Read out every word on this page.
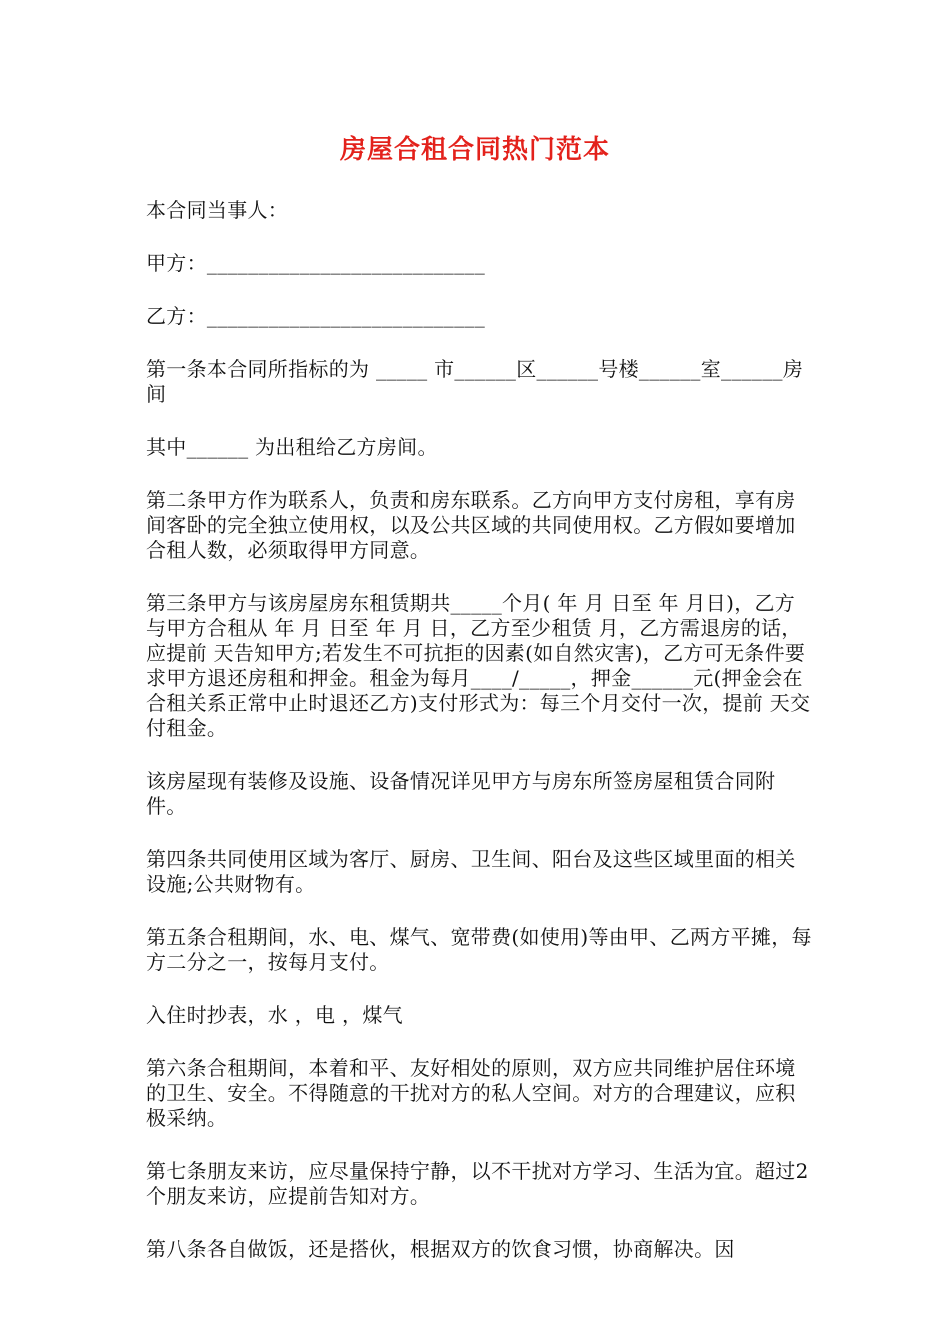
房屋合租合同热门范本

本合同当事人：

甲方：___________________________

乙方：___________________________

第一条本合同所指标的为 _____ 市______区______号楼______室______房间

其中______ 为出租给乙方房间。

第二条甲方作为联系人，负责和房东联系。乙方向甲方支付房租，享有房间客卧的完全独立使用权，以及公共区域的共同使用权。乙方假如要增加合租人数，必须取得甲方同意。

第三条甲方与该房屋房东租赁期共_____个月( 年 月 日至 年 月日)，乙方与甲方合租从 年 月 日至 年 月 日，乙方至少租赁 月，乙方需退房的话，应提前 天告知甲方;若发生不可抗拒的因素(如自然灾害)，乙方可无条件要求甲方退还房租和押金。租金为每月____/_____，押金______元(押金会在合租关系正常中止时退还乙方)支付形式为：每三个月交付一次，提前 天交付租金。

该房屋现有装修及设施、设备情况详见甲方与房东所签房屋租赁合同附件。

第四条共同使用区域为客厅、厨房、卫生间、阳台及这些区域里面的相关设施;公共财物有。

第五条合租期间，水、电、煤气、宽带费(如使用)等由甲、乙两方平摊，每方二分之一，按每月支付。

入住时抄表，水 ，电 ，煤气

第六条合租期间，本着和平、友好相处的原则，双方应共同维护居住环境的卫生、安全。不得随意的干扰对方的私人空间。对方的合理建议，应积极采纳。

第七条朋友来访，应尽量保持宁静，以不干扰对方学习、生活为宜。超过2个朋友来访，应提前告知对方。

第八条各自做饭，还是搭伙，根据双方的饮食习惯，协商解决。因
